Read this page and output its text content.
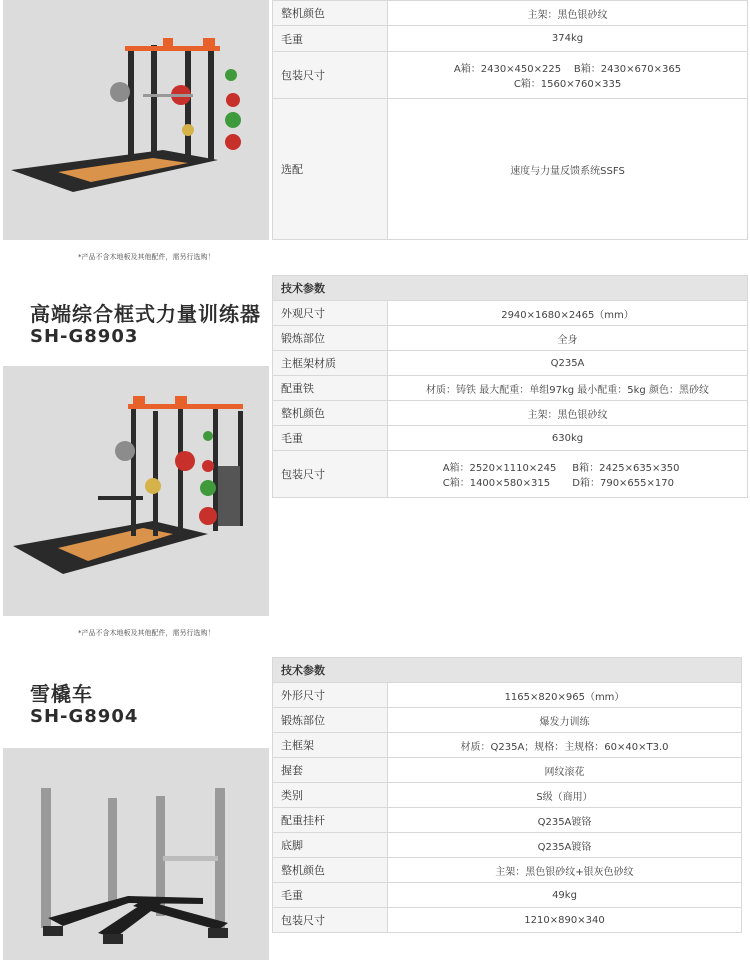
整机颜色	主架：黑色银砂纹
毛重	374kg
包装尺寸	A箱：2430×450×225 B箱：2430×670×365
C箱：1560×760×335
选配	速度与力量反馈系统SSFS
*产品不含木地板及其他配件，需另行选购！
高端综合框式力量训练器
SH-G8903
技术参数	
外观尺寸	2940×1680×2465（mm）
锻炼部位	全身
主框架材质	Q235A
配重铁	材质：铸铁 最大配重：单组97kg 最小配重：5kg 颜色：黑砂纹
整机颜色	主架：黑色银砂纹
毛重	630kg
包装尺寸	A箱：2520×1110×245 B箱：2425×635×350
C箱：1400×580×315 D箱：790×655×170
*产品不含木地板及其他配件，需另行选购！
雪橇车
SH-G8904
技术参数	
外形尺寸	1165×820×965（mm）
锻炼部位	爆发力训练
主框架	材质：Q235A；规格：主规格：60×40×T3.0
握套	网纹滚花
类别	S级（商用）
配重挂杆	Q235A镀铬
底脚	Q235A镀铬
整机颜色	主架：黑色银砂纹+银灰色砂纹
毛重	49kg
包装尺寸	1210×890×340
